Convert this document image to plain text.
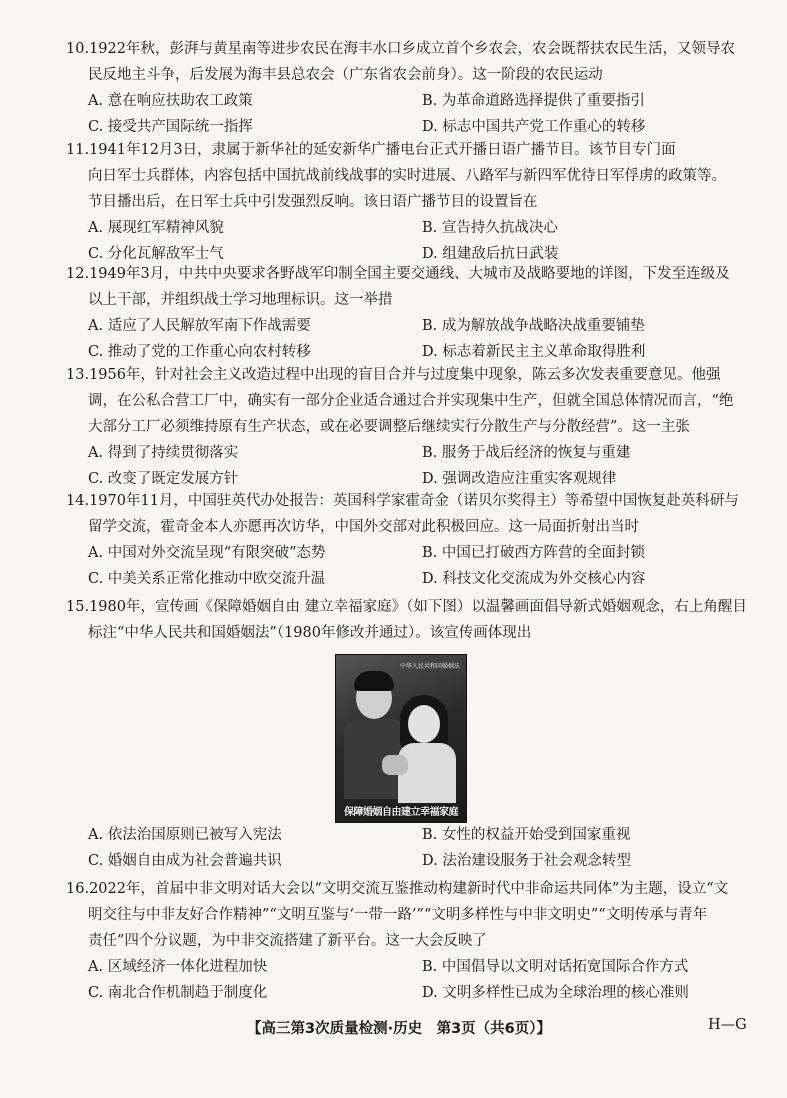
10.1922年秋，彭湃与黄星南等进步农民在海丰水口乡成立首个乡农会，农会既帮扶农民生活，又领导农
民反地主斗争，后发展为海丰县总农会（广东省农会前身）。这一阶段的农民运动
A. 意在响应扶助农工政策	B. 为革命道路选择提供了重要指引
C. 接受共产国际统一指挥	D. 标志中国共产党工作重心的转移
11.1941年12月3日，隶属于新华社的延安新华广播电台正式开播日语广播节目。该节目专门面
向日军士兵群体，内容包括中国抗战前线战事的实时进展、八路军与新四军优待日军俘虏的政策等。
节目播出后，在日军士兵中引发强烈反响。该日语广播节目的设置旨在
A. 展现红军精神风貌	B. 宣告持久抗战决心
C. 分化瓦解敌军士气	D. 组建敌后抗日武装
12.1949年3月，中共中央要求各野战军印制全国主要交通线、大城市及战略要地的详图，下发至连级及
以上干部，并组织战士学习地理标识。这一举措
A. 适应了人民解放军南下作战需要	B. 成为解放战争战略决战重要铺垫
C. 推动了党的工作重心向农村转移	D. 标志着新民主主义革命取得胜利
13.1956年，针对社会主义改造过程中出现的盲目合并与过度集中现象，陈云多次发表重要意见。他强
调，在公私合营工厂中，确实有一部分企业适合通过合并实现集中生产，但就全国总体情况而言，“绝
大部分工厂必须维持原有生产状态，或在必要调整后继续实行分散生产与分散经营”。这一主张
A. 得到了持续贯彻落实	B. 服务于战后经济的恢复与重建
C. 改变了既定发展方针	D. 强调改造应注重实客观规律
14.1970年11月，中国驻英代办处报告：英国科学家霍奇金（诺贝尔奖得主）等希望中国恢复赴英科研与
留学交流，霍奇金本人亦愿再次访华，中国外交部对此积极回应。这一局面折射出当时
A. 中国对外交流呈现“有限突破”态势	B. 中国已打破西方阵营的全面封锁
C. 中美关系正常化推动中欧交流升温	D. 科技文化交流成为外交核心内容
15.1980年，宣传画《保障婚姻自由 建立幸福家庭》（如下图）以温馨画面倡导新式婚姻观念，右上角醒目
标注“中华人民共和国婚姻法”（1980年修改并通过）。该宣传画体现出
中华人民共和国婚姻法
保障婚姻自由建立幸福家庭
A. 依法治国原则已被写入宪法	B. 女性的权益开始受到国家重视
C. 婚姻自由成为社会普遍共识	D. 法治建设服务于社会观念转型
16.2022年，首届中非文明对话大会以“文明交流互鉴推动构建新时代中非命运共同体”为主题，设立“文
明交往与中非友好合作精神”“文明互鉴与‘一带一路’”“文明多样性与中非文明史”“文明传承与青年
责任”四个分议题，为中非交流搭建了新平台。这一大会反映了
A. 区域经济一体化进程加快	B. 中国倡导以文明对话拓宽国际合作方式
C. 南北合作机制趋于制度化	D. 文明多样性已成为全球治理的核心准则
【高三第3次质量检测·历史　第3页（共6页）】	H—G
